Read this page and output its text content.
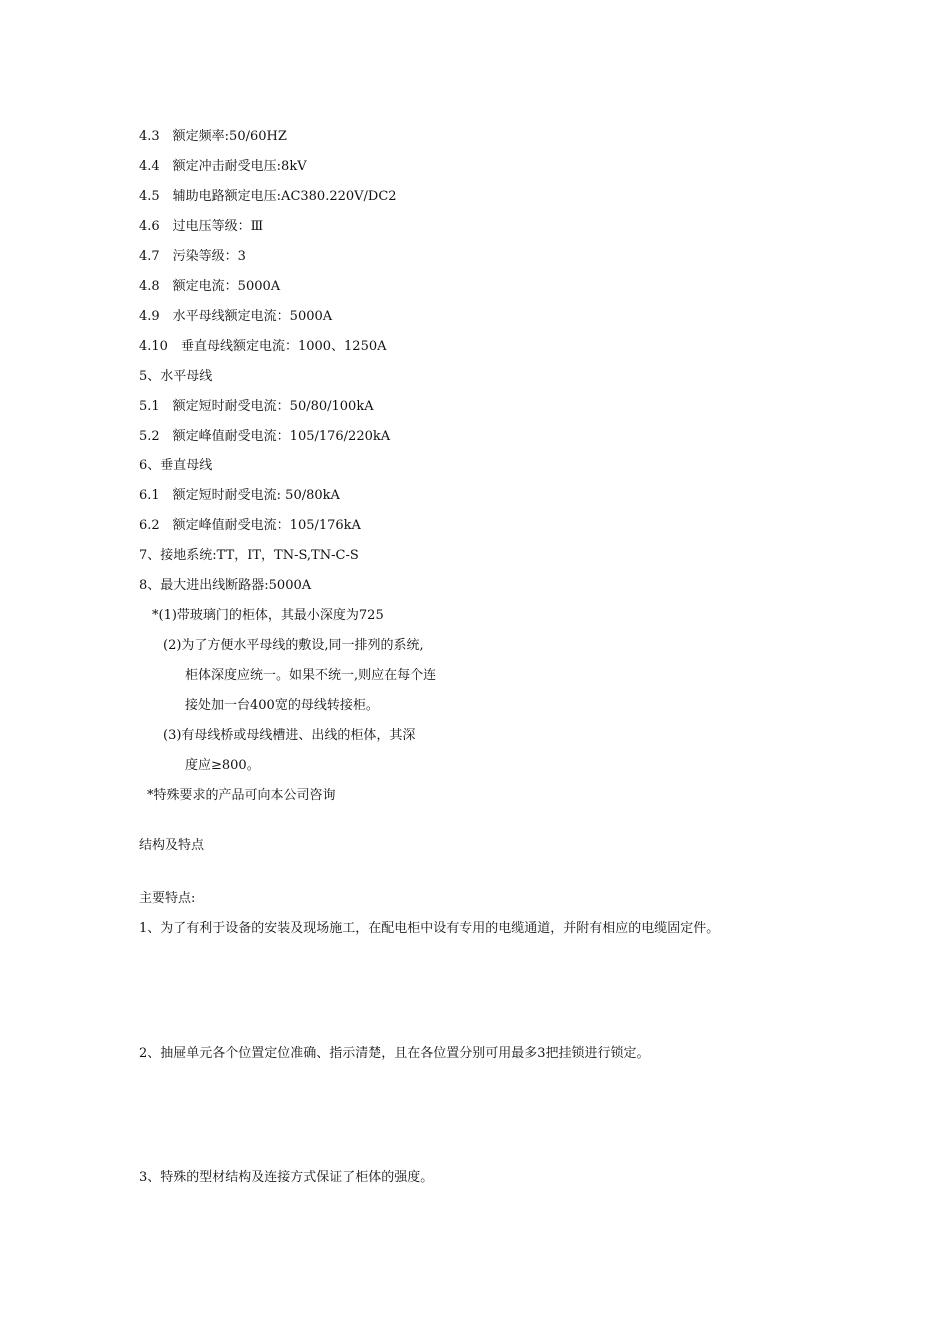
4.3　额定频率:50/60HZ
4.4　额定冲击耐受电压:8kV
4.5　辅助电路额定电压:AC380.220V/DC2
4.6　过电压等级：Ⅲ
4.7　污染等级：3
4.8　额定电流：5000A
4.9　水平母线额定电流：5000A
4.10　垂直母线额定电流：1000、1250A
5、水平母线
5.1　额定短时耐受电流：50/80/100kA
5.2　额定峰值耐受电流：105/176/220kA
6、垂直母线
6.1　额定短时耐受电流: 50/80kA
6.2　额定峰值耐受电流：105/176kA
7、接地系统:TT，IT，TN-S,TN-C-S
8、最大进出线断路器:5000A
*(1)带玻璃门的柜体，其最小深度为725
(2)为了方便水平母线的敷设,同一排列的系统,
柜体深度应统一。如果不统一,则应在每个连
接处加一台400宽的母线转接柜。
(3)有母线桥或母线槽进、出线的柜体，其深
度应≥800。
*特殊要求的产品可向本公司咨询
结构及特点
主要特点:
1、为了有利于设备的安装及现场施工，在配电柜中设有专用的电缆通道，并附有相应的电缆固定件。
2、抽屉单元各个位置定位准确、指示清楚，且在各位置分别可用最多3把挂锁进行锁定。
3、特殊的型材结构及连接方式保证了柜体的强度。
